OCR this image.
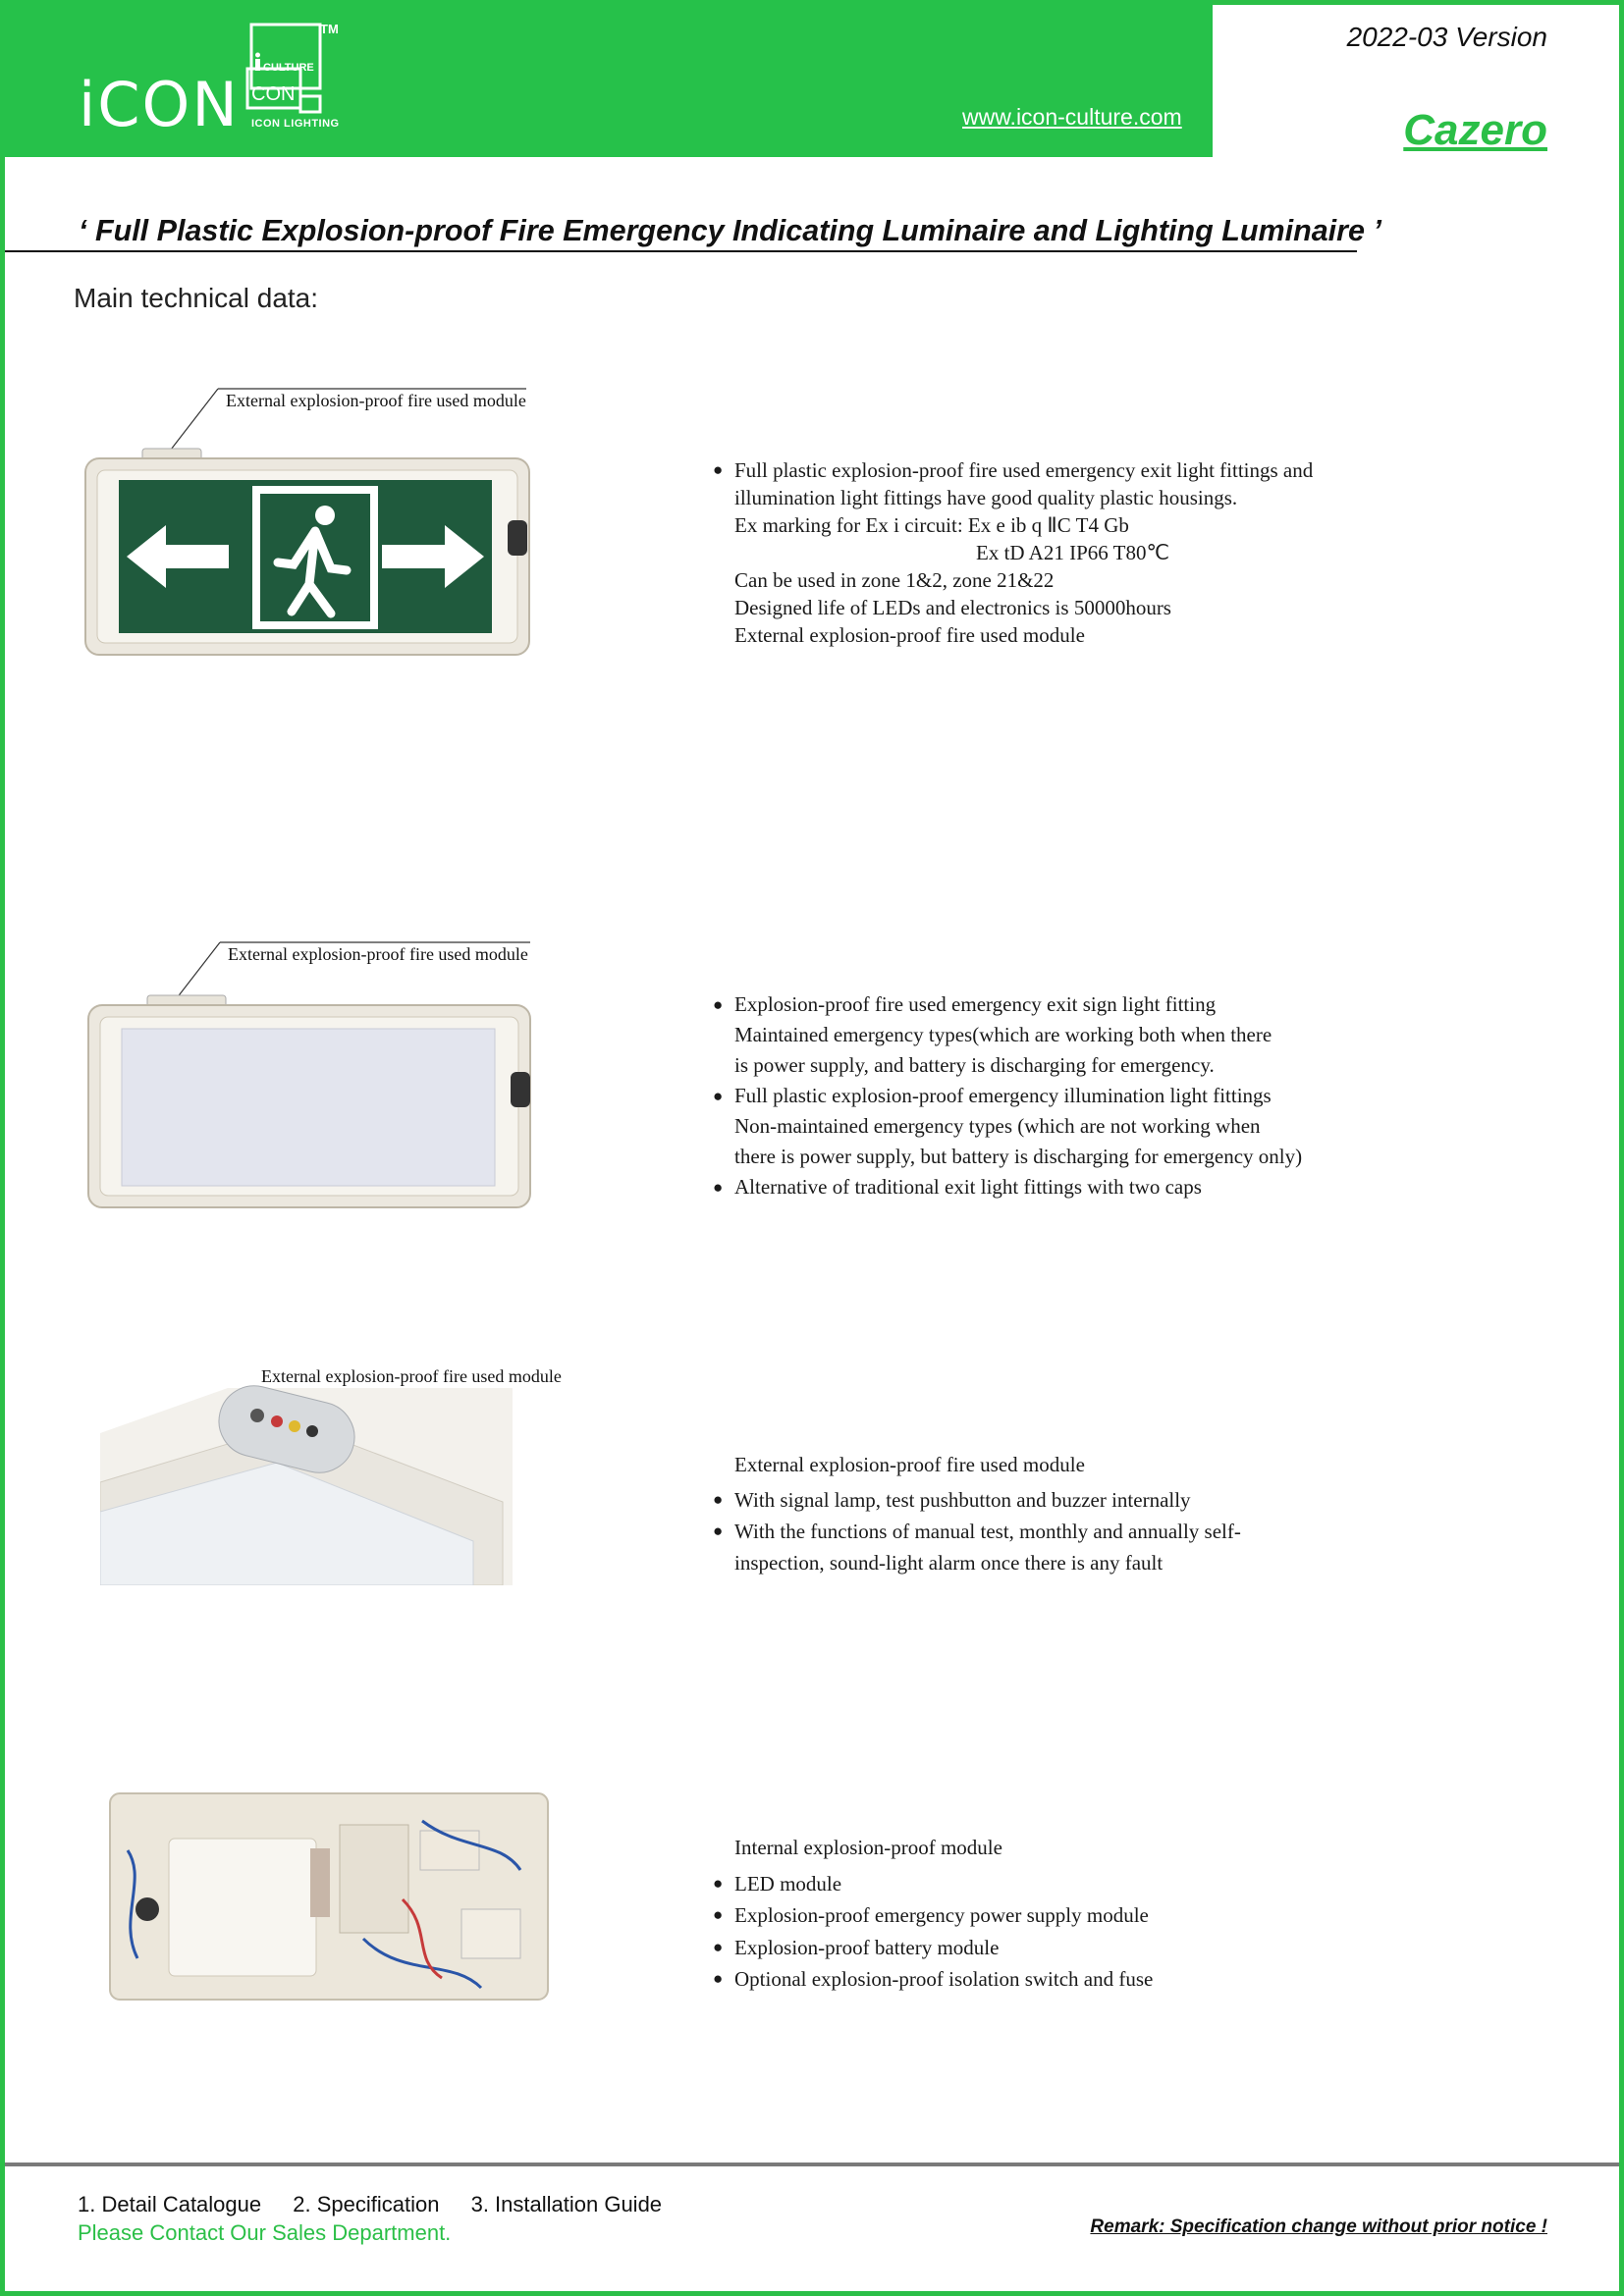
iCON
CULTURE
CON
TM
ICON LIGHTING	www.icon-culture.com
2022-03 Version
Cazero
‘ Full Plastic Explosion-proof Fire Emergency Indicating Luminaire and Lighting Luminaire ’
Main technical data:
External explosion-proof fire used module
● Full plastic explosion-proof fire used emergency exit light fittings and
illumination light fittings have good quality plastic housings.
Ex marking for Ex i circuit: Ex e ib q ⅡC T4 Gb
Ex tD A21 IP66 T80℃
Can be used in zone 1&2, zone 21&22
Designed life of LEDs and electronics is 50000hours
External explosion-proof fire used module
External explosion-proof fire used module
● Explosion-proof fire used emergency exit sign light fitting
Maintained emergency types(which are working both when there
is power supply, and battery is discharging for emergency.
● Full plastic explosion-proof emergency illumination light fittings
Non-maintained emergency types (which are not working when
there is power supply, but battery is discharging for emergency only)
● Alternative of traditional exit light fittings with two caps
External explosion-proof fire used module
External explosion-proof fire used module
● With signal lamp, test pushbutton and buzzer internally
● With the functions of manual test, monthly and annually self-
inspection, sound-light alarm once there is any fault
Internal explosion-proof module
● LED module
● Explosion-proof emergency power supply module
● Explosion-proof battery module
● Optional explosion-proof isolation switch and fuse
1. Detail Catalogue 2. Specification 3. Installation Guide
Please Contact Our Sales Department.	Remark: Specification change without prior notice !
